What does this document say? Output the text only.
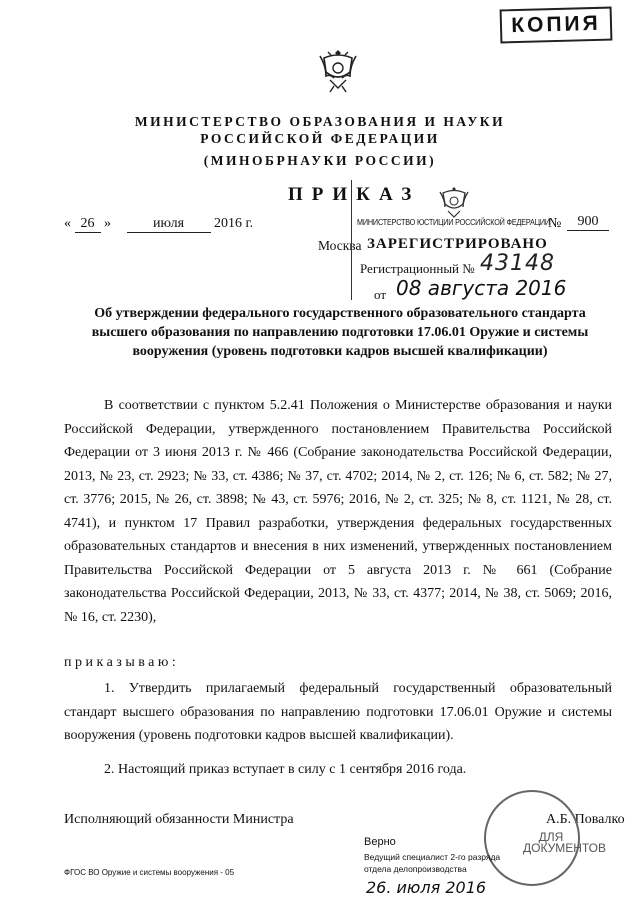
КОПИЯ
МИНИСТЕРСТВО ОБРАЗОВАНИЯ И НАУКИ
РОССИЙСКОЙ ФЕДЕРАЦИИ
(МИНОБРНАУКИ РОССИИ)
ПРИКАЗ
« 26 »	июля 2016 г.
Москва
МИНИСТЕРСТВО ЮСТИЦИИ РОССИЙСКОЙ ФЕДЕРАЦИИ
ЗАРЕГИСТРИРОВАНО
Регистрационный № 43148
от 08 августа 2016
№	900
Об утверждении федерального государственного образовательного стандарта высшего образования по направлению подготовки 17.06.01 Оружие и системы вооружения (уровень подготовки кадров высшей квалификации)
В соответствии с пунктом 5.2.41 Положения о Министерстве образования и науки Российской Федерации, утвержденного постановлением Правительства Российской Федерации от 3 июня 2013 г. № 466 (Собрание законодательства Российской Федерации, 2013, № 23, ст. 2923; № 33, ст. 4386; № 37, ст. 4702; 2014, № 2, ст. 126; № 6, ст. 582; № 27, ст. 3776; 2015, № 26, ст. 3898; № 43, ст. 5976; 2016, № 2, ст. 325; № 8, ст. 1121, № 28, ст. 4741), и пунктом 17 Правил разработки, утверждения федеральных государственных образовательных стандартов и внесения в них изменений, утвержденных постановлением Правительства Российской Федерации от 5 августа 2013 г. № 661 (Собрание законодательства Российской Федерации, 2013, № 33, ст. 4377; 2014, № 38, ст. 5069; 2016, № 16, ст. 2230),
приказываю:
1. Утвердить прилагаемый федеральный государственный образовательный стандарт высшего образования по направлению подготовки 17.06.01 Оружие и системы вооружения (уровень подготовки кадров высшей квалификации).
2. Настоящий приказ вступает в силу с 1 сентября 2016 года.
Исполняющий обязанности Министра	А.Б. Повалко
ДЛЯ ДОКУМЕНТОВ
Верно
Ведущий специалист 2-го разряда
отдела делопроизводства
26. июля 2016
ФГОС ВО Оружие и системы вооружения - 05
